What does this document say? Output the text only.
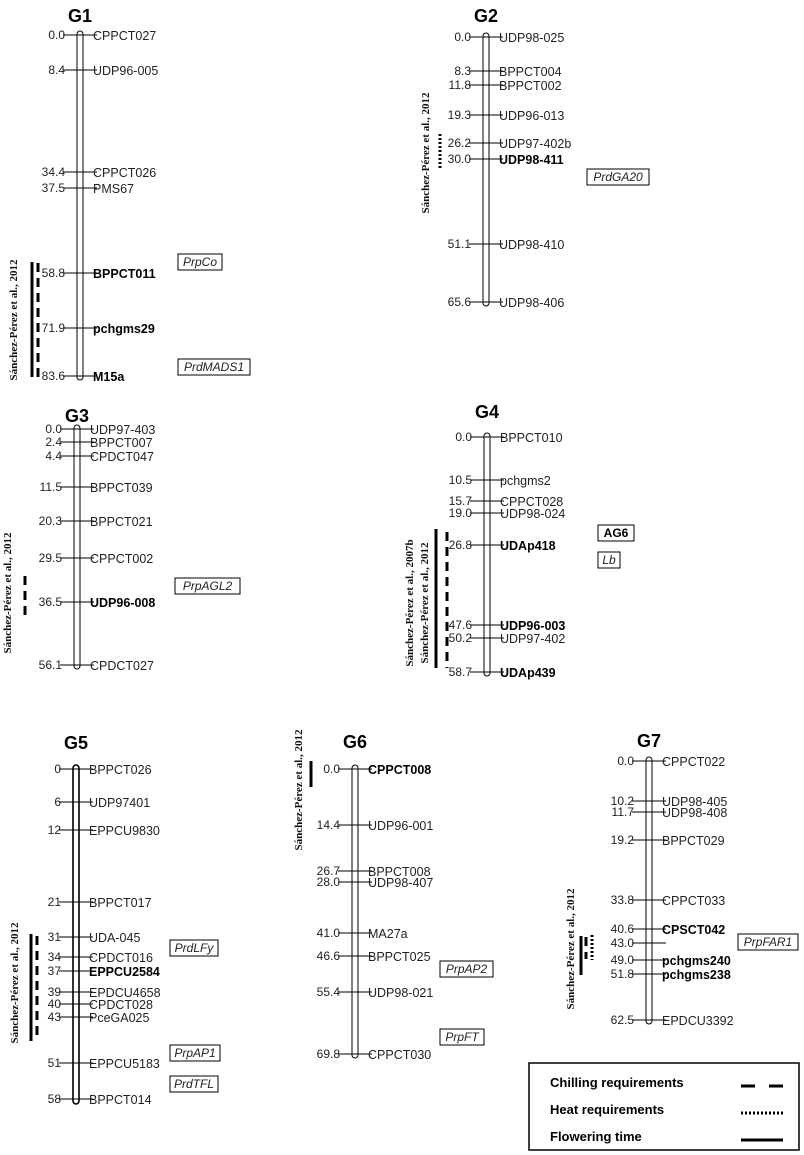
G1
0.0 CPPCT027
8.4 UDP96-005
34.4 CPPCT026
37.5 PMS67
58.8 BPPCT011
71.9 pchgms29
83.6 M15a
PrpCo
PrdMADS1
Sánchez-Pérez et al., 2012
G2
0.0 UDP98-025
8.3 BPPCT004
11.8 BPPCT002
19.3 UDP96-013
26.2 UDP97-402b
30.0 UDP98-411
51.1 UDP98-410
65.6 UDP98-406
PrdGA20
Sánchez-Pérez et al., 2012
G3
0.0 UDP97-403
2.4 BPPCT007
4.4 CPDCT047
11.5 BPPCT039
20.3 BPPCT021
29.5 CPPCT002
36.5 UDP96-008
56.1 CPDCT027
PrpAGL2
Sánchez-Pérez et al., 2012
G4
0.0 BPPCT010
10.5 pchgms2
15.7 CPPCT028
19.0 UDP98-024
26.8 UDAp418
47.6 UDP96-003
50.2 UDP97-402
58.7 UDAp439
AG6
Lb
Sánchez-Pérez et al., 2007b Sánchez-Pérez et al., 2012
G5
0 BPPCT026
6 UDP97401
12 EPPCU9830
21 BPPCT017
31 UDA-045
34 CPDCT016
37 EPPCU2584
39 EPDCU4658
40 CPDCT028
43 PceGA025
51 EPPCU5183
58 BPPCT014
PrdLFy
PrpAP1
PrdTFL
Sánchez-Pérez et al., 2012
G6
0.0 CPPCT008
14.4 UDP96-001
26.7 BPPCT008
28.0 UDP98-407
41.0 MA27a
46.6 BPPCT025
55.4 UDP98-021
69.8 CPPCT030
PrpAP2
PrpFT
Sánchez-Pérez et al., 2012	G7
0.0 CPPCT022
10.2 UDP98-405
11.7 UDP98-408
19.2 BPPCT029
33.8 CPPCT033
40.6 CPSCT042
43.0
49.0 pchgms240
51.8 pchgms238
62.5 EPDCU3392
PrpFAR1
Sánchez-Pérez et al., 2012
Chilling requirements
Heat requirements
Flowering time
